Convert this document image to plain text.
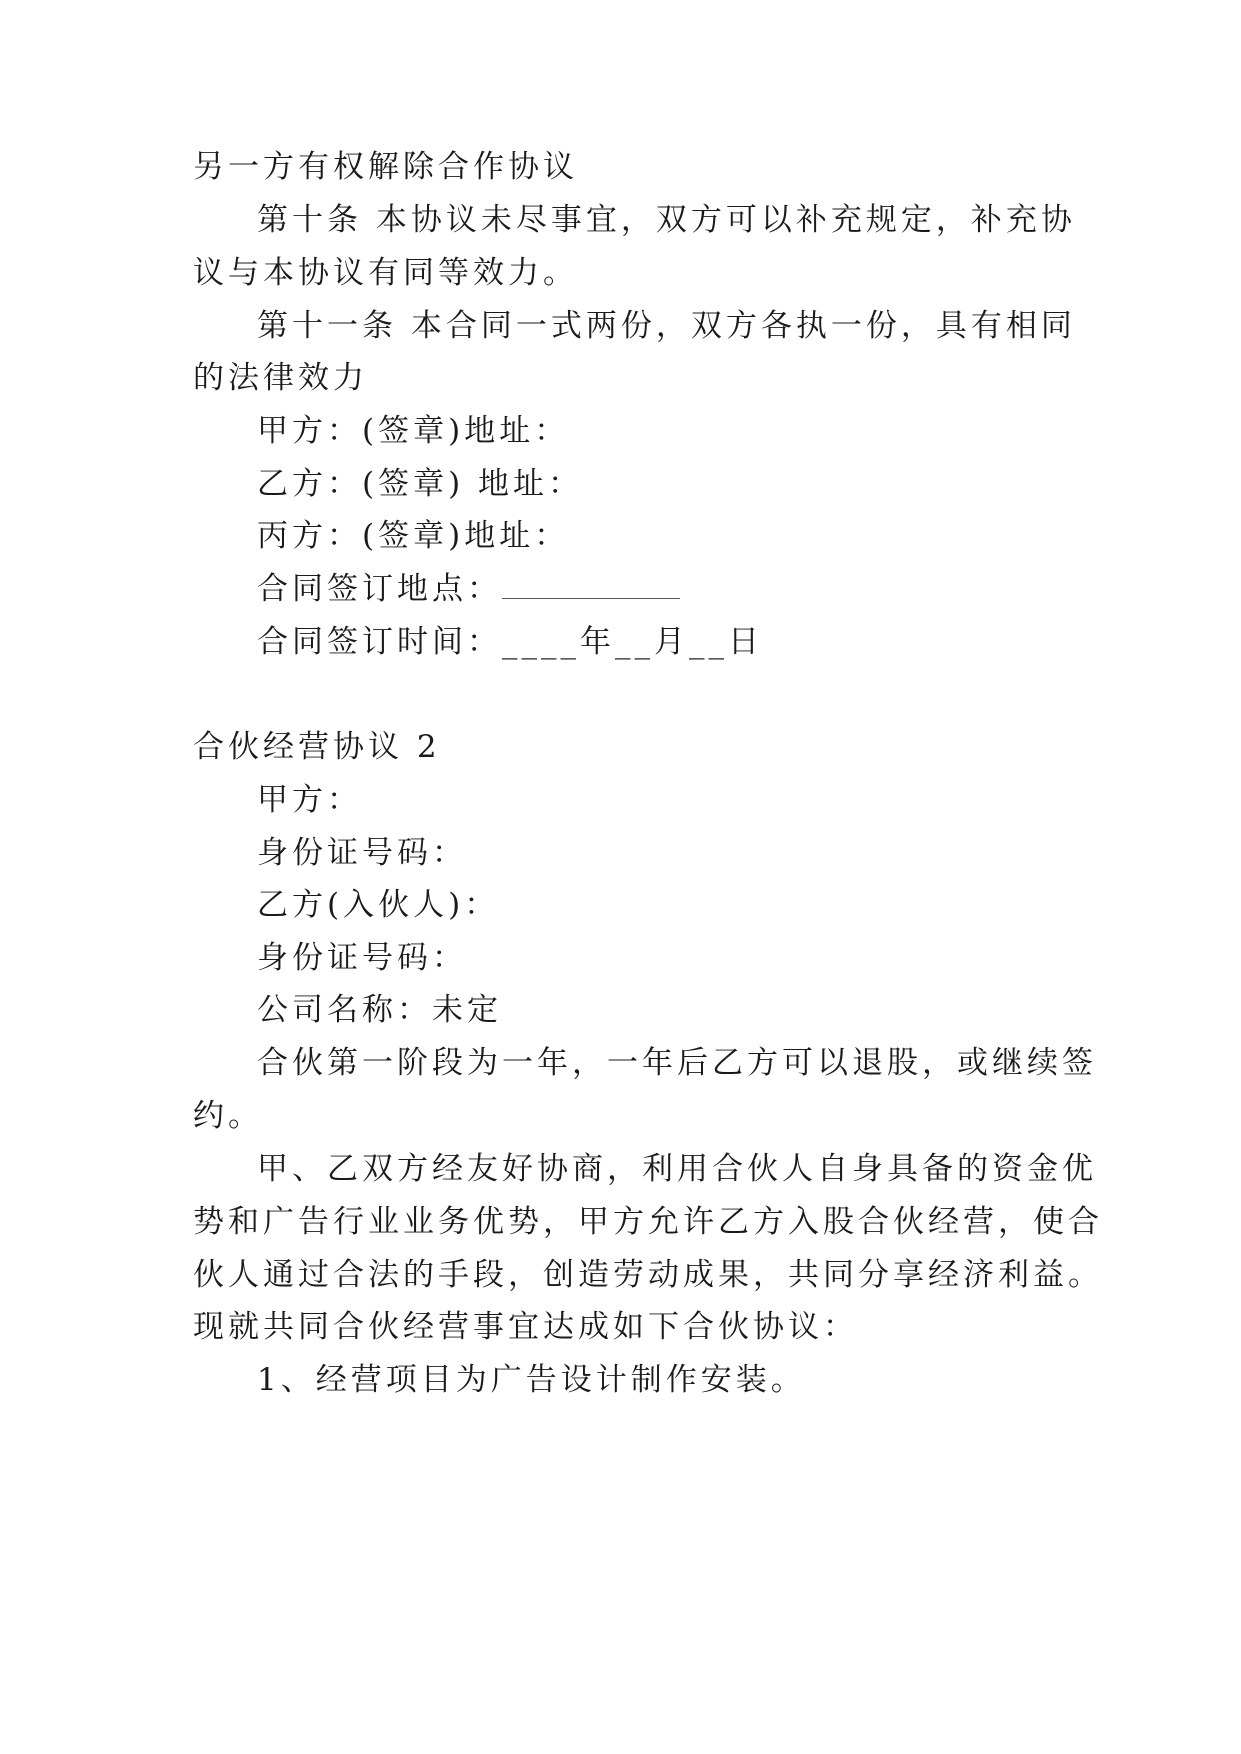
另一方有权解除合作协议
第十条 本协议未尽事宜，双方可以补充规定，补充协
议与本协议有同等效力。
第十一条 本合同一式两份，双方各执一份，具有相同
的法律效力
甲方：(签章)地址：
乙方：(签章) 地址：
丙方：(签章)地址：
合同签订地点：
合同签订时间：____年__月__日
合伙经营协议 2
甲方：
身份证号码：
乙方(入伙人)：
身份证号码：
公司名称：未定
合伙第一阶段为一年，一年后乙方可以退股，或继续签
约。
甲、乙双方经友好协商，利用合伙人自身具备的资金优
势和广告行业业务优势，甲方允许乙方入股合伙经营，使合
伙人通过合法的手段，创造劳动成果，共同分享经济利益。
现就共同合伙经营事宜达成如下合伙协议：
1、经营项目为广告设计制作安装。
